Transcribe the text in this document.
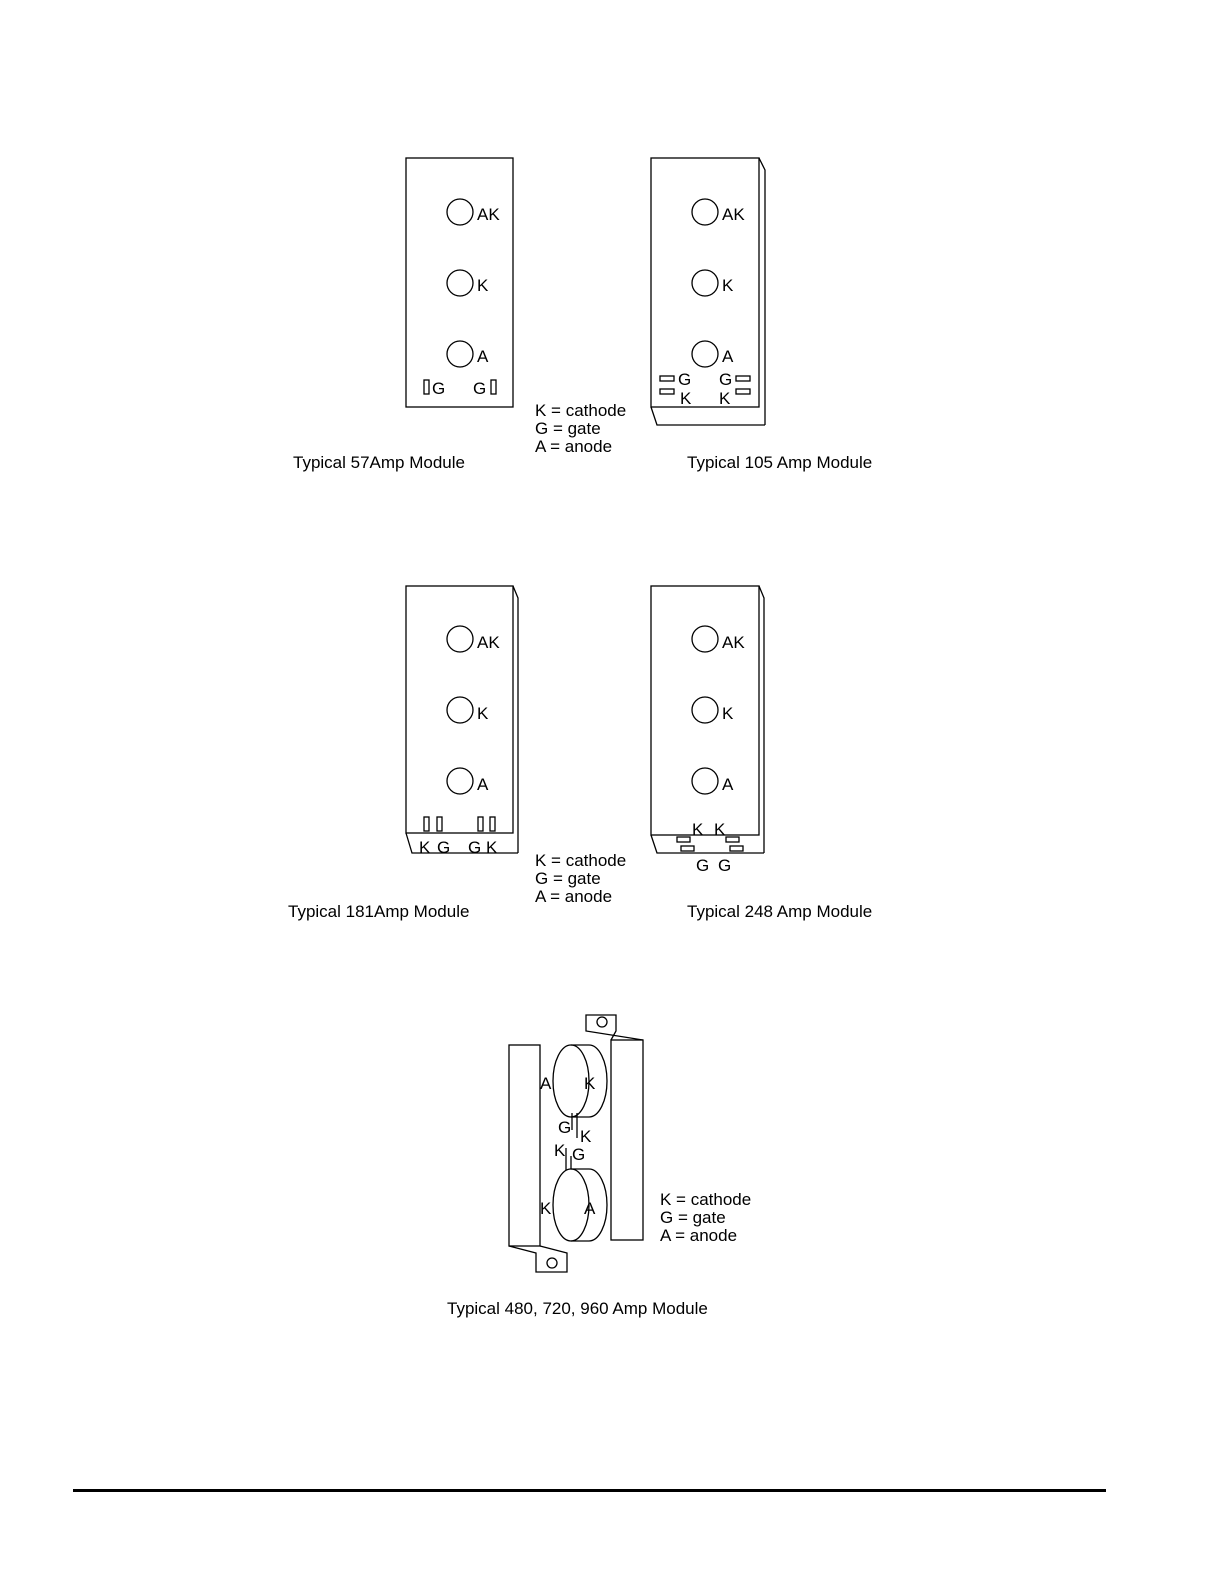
AK
K
A
G G
Typical 57Amp Module
K = cathode
G = gate
A = anode
AK
K
A
G
K
G
K
Typical 105 Amp Module
AK
K
A
K G G K
Typical 181Amp Module
K = cathode
G = gate
A = anode
AK
K
A
K K
G G
Typical 248 Amp Module
A K
G K
K G
K A
Typical 480, 720, 960 Amp Module
K = cathode
G = gate
A = anode
